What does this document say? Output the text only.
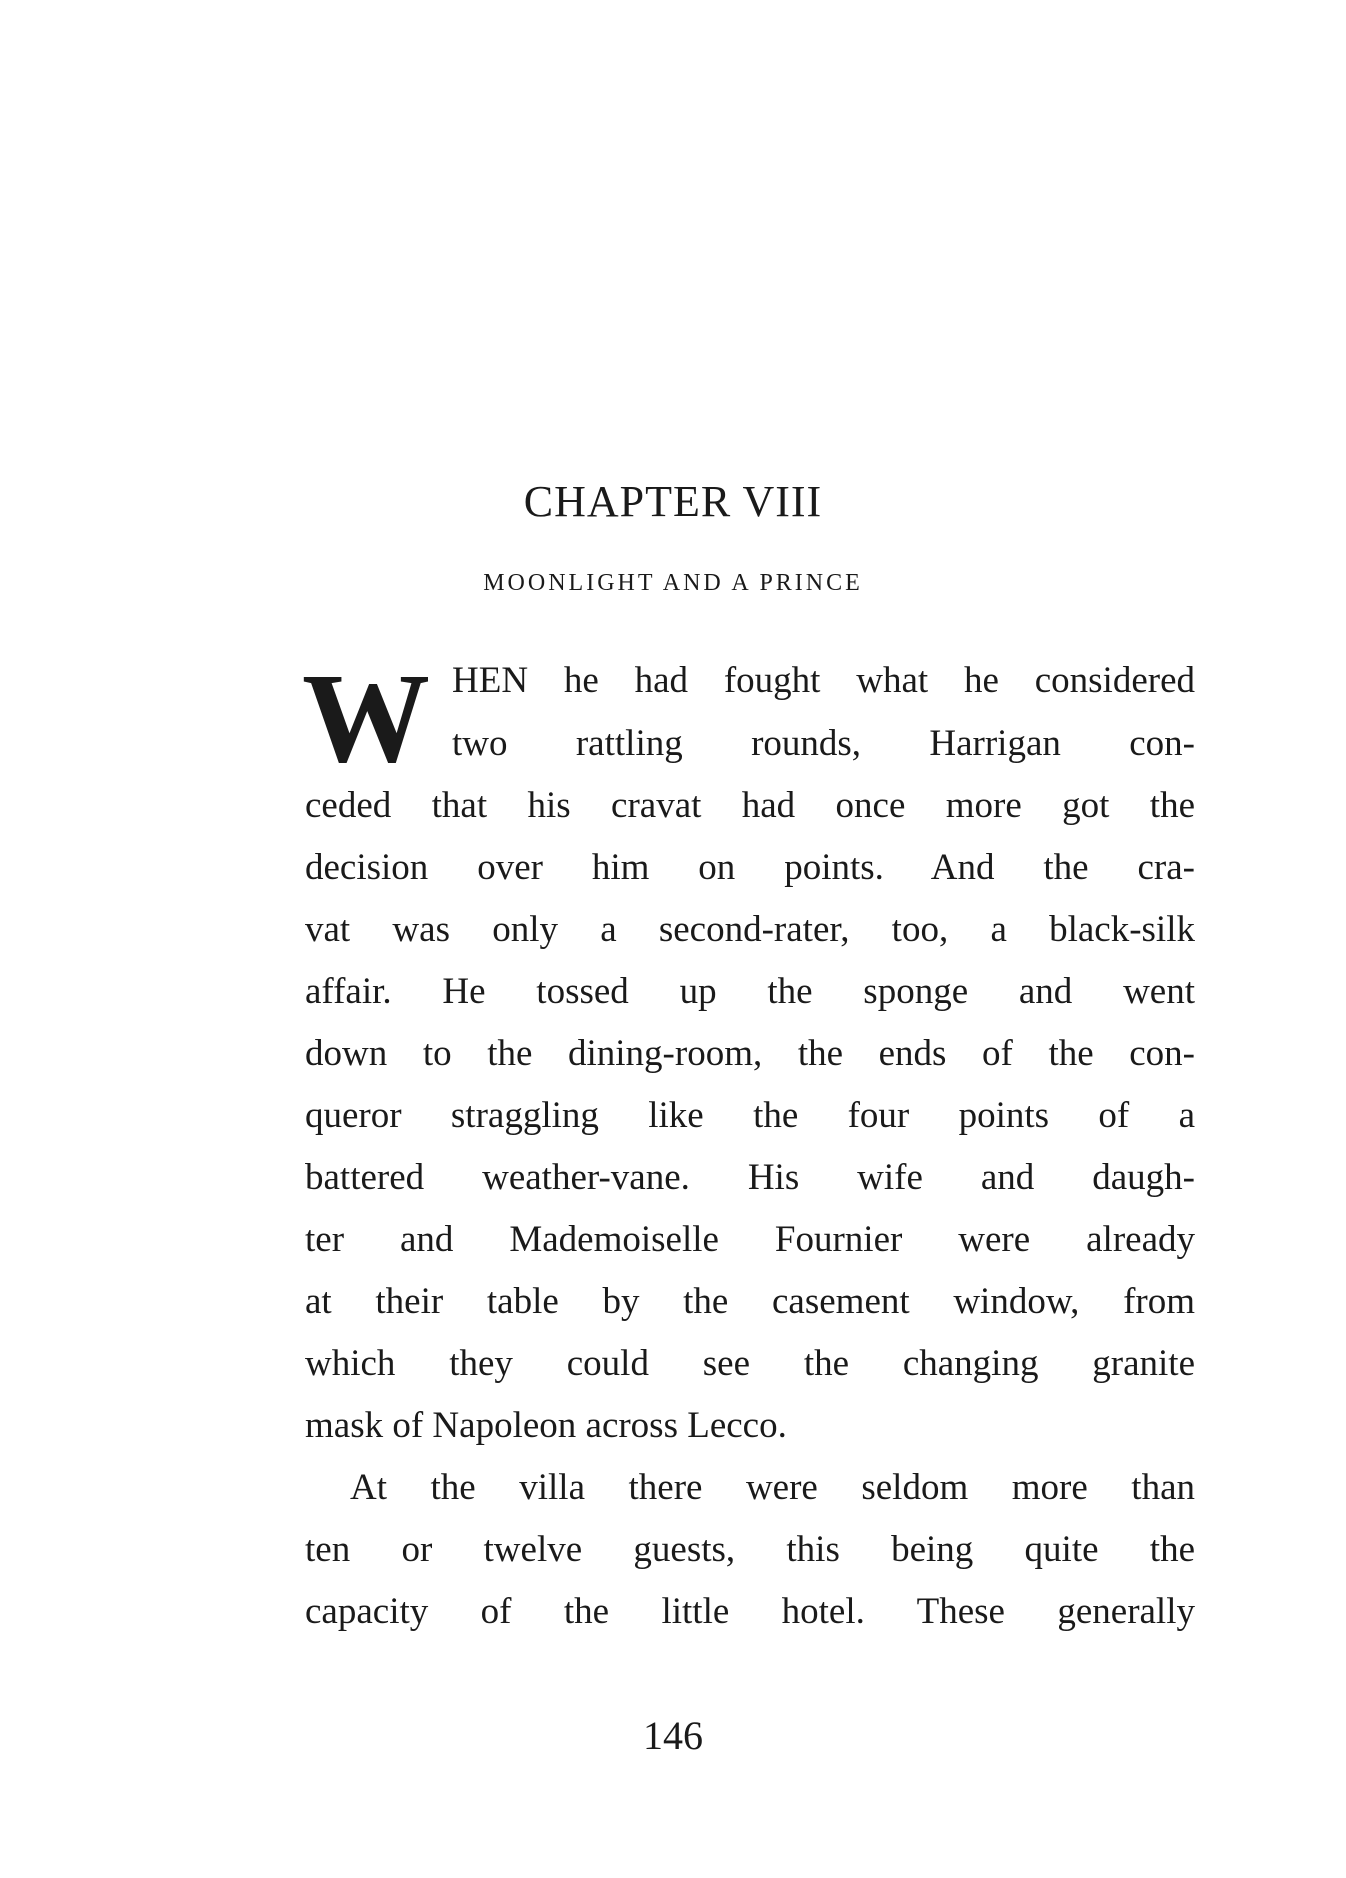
CHAPTER VIII
MOONLIGHT AND A PRINCE
W HEN he had fought what he considered
two rattling rounds, Harrigan con-
ceded that his cravat had once more got the
decision over him on points. And the cra-
vat was only a second-rater, too, a black-silk
affair. He tossed up the sponge and went
down to the dining-room, the ends of the con-
queror straggling like the four points of a
battered weather-vane. His wife and daugh-
ter and Mademoiselle Fournier were already
at their table by the casement window, from
which they could see the changing granite
mask of Napoleon across Lecco.
At the villa there were seldom more than
ten or twelve guests, this being quite the
capacity of the little hotel. These generally
146
